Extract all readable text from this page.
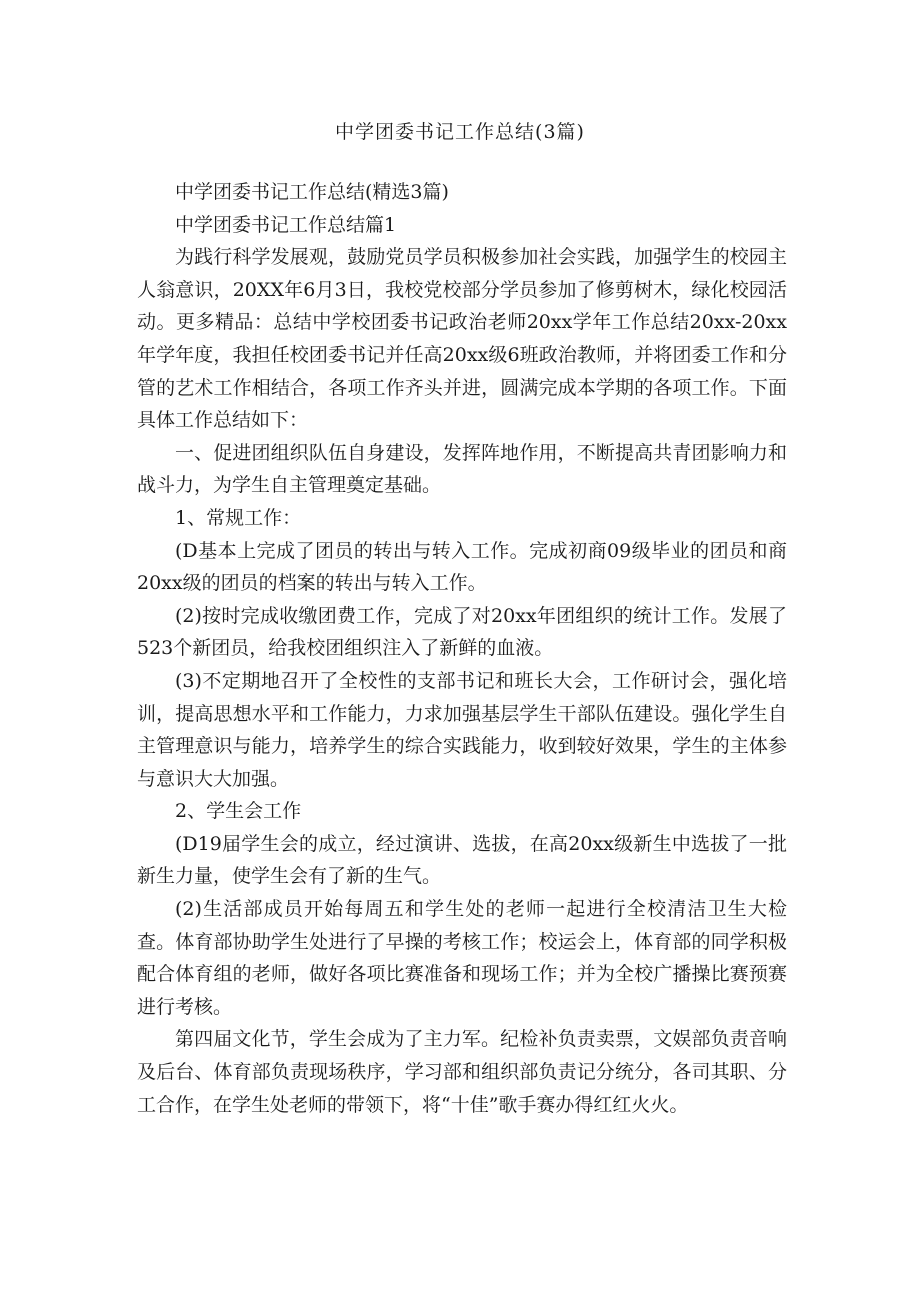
中学团委书记工作总结(3篇)

中学团委书记工作总结(精选3篇)

中学团委书记工作总结篇1

为践行科学发展观，鼓励党员学员积极参加社会实践，加强学生的校园主人翁意识，20XX年6月3日，我校党校部分学员参加了修剪树木，绿化校园活动。更多精品：总结中学校团委书记政治老师20xx学年工作总结20xx-20xx年学年度，我担任校团委书记并任高20xx级6班政治教师，并将团委工作和分管的艺术工作相结合，各项工作齐头并进，圆满完成本学期的各项工作。下面具体工作总结如下：

一、促进团组织队伍自身建设，发挥阵地作用，不断提高共青团影响力和战斗力，为学生自主管理奠定基础。

1、常规工作：

(D基本上完成了团员的转出与转入工作。完成初商09级毕业的团员和商20xx级的团员的档案的转出与转入工作。

(2)按时完成收缴团费工作，完成了对20xx年团组织的统计工作。发展了523个新团员，给我校团组织注入了新鲜的血液。

(3)不定期地召开了全校性的支部书记和班长大会，工作研讨会，强化培训，提高思想水平和工作能力，力求加强基层学生干部队伍建设。强化学生自主管理意识与能力，培养学生的综合实践能力，收到较好效果，学生的主体参与意识大大加强。

2、学生会工作

(D19届学生会的成立，经过演讲、选拔，在高20xx级新生中选拔了一批新生力量，使学生会有了新的生气。

(2)生活部成员开始每周五和学生处的老师一起进行全校清洁卫生大检查。体育部协助学生处进行了早操的考核工作；校运会上，体育部的同学积极配合体育组的老师，做好各项比赛准备和现场工作；并为全校广播操比赛预赛进行考核。

第四届文化节，学生会成为了主力军。纪检补负责卖票，文娱部负责音响及后台、体育部负责现场秩序，学习部和组织部负责记分统分，各司其职、分工合作，在学生处老师的带领下，将“十佳”歌手赛办得红红火火。
